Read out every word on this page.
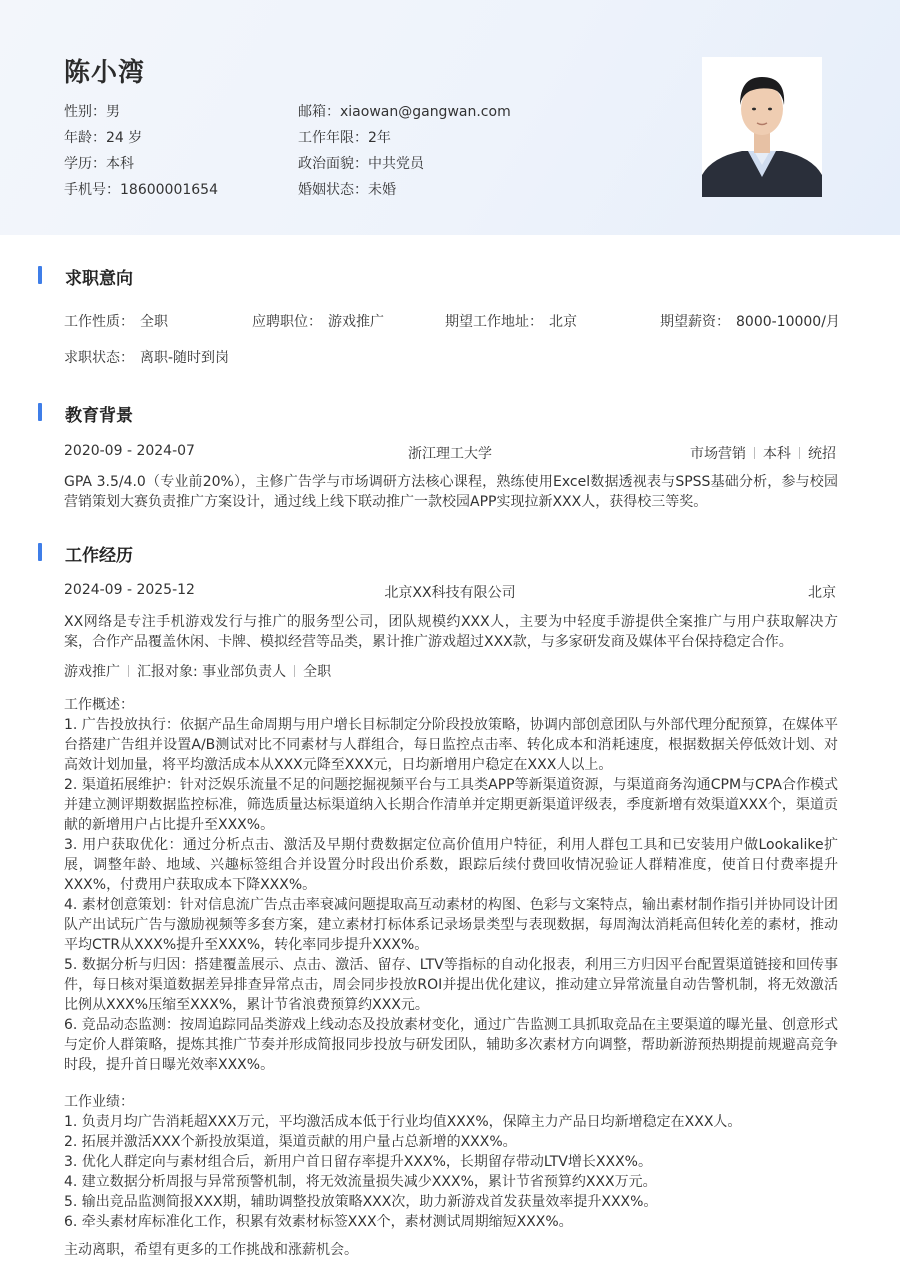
陈小湾
性别：男
年龄：24 岁
学历：本科
手机号：18600001654
邮箱：xiaowan@gangwan.com
工作年限：2年
政治面貌：中共党员
婚姻状态：未婚
求职意向
工作性质： 全职	应聘职位： 游戏推广	期望工作地址： 北京	期望薪资： 8000-10000/月
求职状态： 离职-随时到岗
教育背景
2020-09 - 2024-07	浙江理工大学	市场营销 本科 统招
GPA 3.5/4.0（专业前20%），主修广告学与市场调研方法核心课程，熟练使用Excel数据透视表与SPSS基础分析，参与校园营销策划大赛负责推广方案设计，通过线上线下联动推广一款校园APP实现拉新XXX人，获得校三等奖。
工作经历
2024-09 - 2025-12	北京XX科技有限公司	北京
XX网络是专注手机游戏发行与推广的服务型公司，团队规模约XXX人，主要为中轻度手游提供全案推广与用户获取解决方案，合作产品覆盖休闲、卡牌、模拟经营等品类，累计推广游戏超过XXX款，与多家研发商及媒体平台保持稳定合作。
游戏推广 汇报对象: 事业部负责人 全职

工作概述：

1. 广告投放执行：依据产品生命周期与用户增长目标制定分阶段投放策略，协调内部创意团队与外部代理分配预算，在媒体平台搭建广告组并设置A/B测试对比不同素材与人群组合，每日监控点击率、转化成本和消耗速度，根据数据关停低效计划、对高效计划加量，将平均激活成本从XXX元降至XXX元，日均新增用户稳定在XXX人以上。

2. 渠道拓展维护：针对泛娱乐流量不足的问题挖掘视频平台与工具类APP等新渠道资源，与渠道商务沟通CPM与CPA合作模式并建立测评期数据监控标准，筛选质量达标渠道纳入长期合作清单并定期更新渠道评级表，季度新增有效渠道XXX个，渠道贡献的新增用户占比提升至XXX%。

3. 用户获取优化：通过分析点击、激活及早期付费数据定位高价值用户特征，利用人群包工具和已安装用户做Lookalike扩展，调整年龄、地域、兴趣标签组合并设置分时段出价系数，跟踪后续付费回收情况验证人群精准度，使首日付费率提升XXX%，付费用户获取成本下降XXX%。

4. 素材创意策划：针对信息流广告点击率衰减问题提取高互动素材的构图、色彩与文案特点，输出素材制作指引并协同设计团队产出试玩广告与激励视频等多套方案，建立素材打标体系记录场景类型与表现数据，每周淘汰消耗高但转化差的素材，推动平均CTR从XXX%提升至XXX%，转化率同步提升XXX%。

5. 数据分析与归因：搭建覆盖展示、点击、激活、留存、LTV等指标的自动化报表，利用三方归因平台配置渠道链接和回传事件，每日核对渠道数据差异排查异常点击，周会同步投放ROI并提出优化建议，推动建立异常流量自动告警机制，将无效激活比例从XXX%压缩至XXX%，累计节省浪费预算约XXX元。

6. 竞品动态监测：按周追踪同品类游戏上线动态及投放素材变化，通过广告监测工具抓取竞品在主要渠道的曝光量、创意形式与定价人群策略，提炼其推广节奏并形成简报同步投放与研发团队，辅助多次素材方向调整，帮助新游预热期提前规避高竞争时段，提升首日曝光效率XXX%。

工作业绩：

1. 负责月均广告消耗超XXX万元，平均激活成本低于行业均值XXX%，保障主力产品日均新增稳定在XXX人。

2. 拓展并激活XXX个新投放渠道，渠道贡献的用户量占总新增的XXX%。

3. 优化人群定向与素材组合后，新用户首日留存率提升XXX%，长期留存带动LTV增长XXX%。

4. 建立数据分析周报与异常预警机制，将无效流量损失减少XXX%，累计节省预算约XXX万元。

5. 输出竞品监测简报XXX期，辅助调整投放策略XXX次，助力新游戏首发获量效率提升XXX%。

6. 牵头素材库标准化工作，积累有效素材标签XXX个，素材测试周期缩短XXX%。

主动离职，希望有更多的工作挑战和涨薪机会。
